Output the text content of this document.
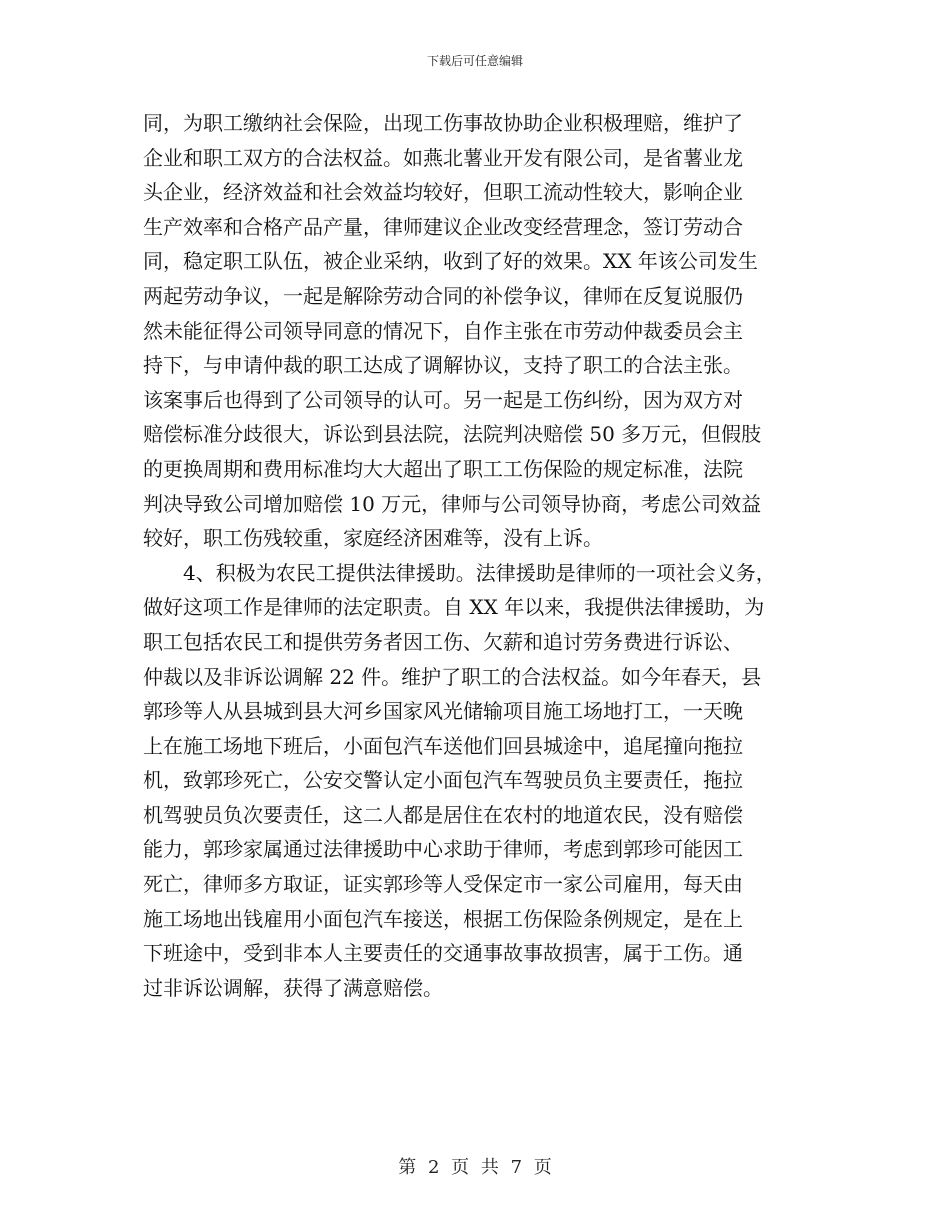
下载后可任意编辑
同，为职工缴纳社会保险，出现工伤事故协助企业积极理赔，维护了
企业和职工双方的合法权益。如燕北薯业开发有限公司，是省薯业龙
头企业，经济效益和社会效益均较好，但职工流动性较大，影响企业
生产效率和合格产品产量，律师建议企业改变经营理念，签订劳动合
同，稳定职工队伍，被企业采纳，收到了好的效果。XX 年该公司发生
两起劳动争议，一起是解除劳动合同的补偿争议，律师在反复说服仍
然未能征得公司领导同意的情况下，自作主张在市劳动仲裁委员会主
持下，与申请仲裁的职工达成了调解协议，支持了职工的合法主张。
该案事后也得到了公司领导的认可。另一起是工伤纠纷，因为双方对
赔偿标准分歧很大，诉讼到县法院，法院判决赔偿 50 多万元，但假肢
的更换周期和费用标准均大大超出了职工工伤保险的规定标准，法院
判决导致公司增加赔偿 10 万元，律师与公司领导协商，考虑公司效益
较好，职工伤残较重，家庭经济困难等，没有上诉。
4、积极为农民工提供法律援助。法律援助是律师的一项社会义务，
做好这项工作是律师的法定职责。自 XX 年以来，我提供法律援助，为
职工包括农民工和提供劳务者因工伤、欠薪和追讨劳务费进行诉讼、
仲裁以及非诉讼调解 22 件。维护了职工的合法权益。如今年春天，县
郭珍等人从县城到县大河乡国家风光储输项目施工场地打工，一天晚
上在施工场地下班后，小面包汽车送他们回县城途中，追尾撞向拖拉
机，致郭珍死亡，公安交警认定小面包汽车驾驶员负主要责任，拖拉
机驾驶员负次要责任，这二人都是居住在农村的地道农民，没有赔偿
能力，郭珍家属通过法律援助中心求助于律师，考虑到郭珍可能因工
死亡，律师多方取证，证实郭珍等人受保定市一家公司雇用，每天由
施工场地出钱雇用小面包汽车接送，根据工伤保险条例规定，是在上
下班途中，受到非本人主要责任的交通事故事故损害，属于工伤。通
过非诉讼调解，获得了满意赔偿。
第 2 页 共 7 页
